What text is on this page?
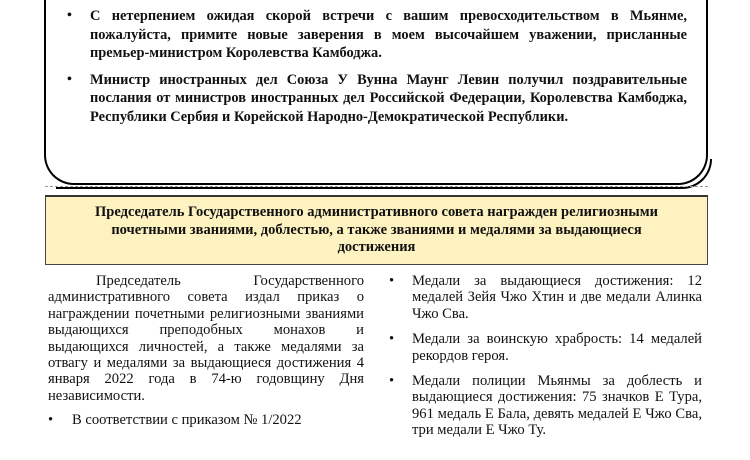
• С нетерпением ожидая скорой встречи с вашим превосходительством в Мьянме, пожалуйста, примите новые заверения в моем высочайшем уважении, присланные премьер-министром Королевства Камбоджа.
• Министр иностранных дел Союза У Вунна Маунг Левин получил поздравительные послания от министров иностранных дел Российской Федерации, Королевства Камбоджа, Республики Сербия и Корейской Народно-Демократической Республики.
Председатель Государственного административного совета награжден религиозными почетными званиями, доблестью, а также званиями и медалями за выдающиеся достижения

Председатель Государственного административного совета издал приказ о награждении почетными религиозными званиями выдающихся преподобных монахов и выдающихся личностей, а также медалями за отвагу и медалями за выдающиеся достижения 4 января 2022 года в 74-ю годовщину Дня независимости.

• В соответствии с приказом № 1/2022
• Медали за выдающиеся достижения: 12 медалей Зейя Чжо Хтин и две медали Алинка Чжо Сва.
• Медали за воинскую храбрость: 14 медалей рекордов героя.
• Медали полиции Мьянмы за доблесть и выдающиеся достижения: 75 значков Е Тура, 961 медаль Е Бала, девять медалей Е Чжо Сва, три медали Е Чжо Ту.
